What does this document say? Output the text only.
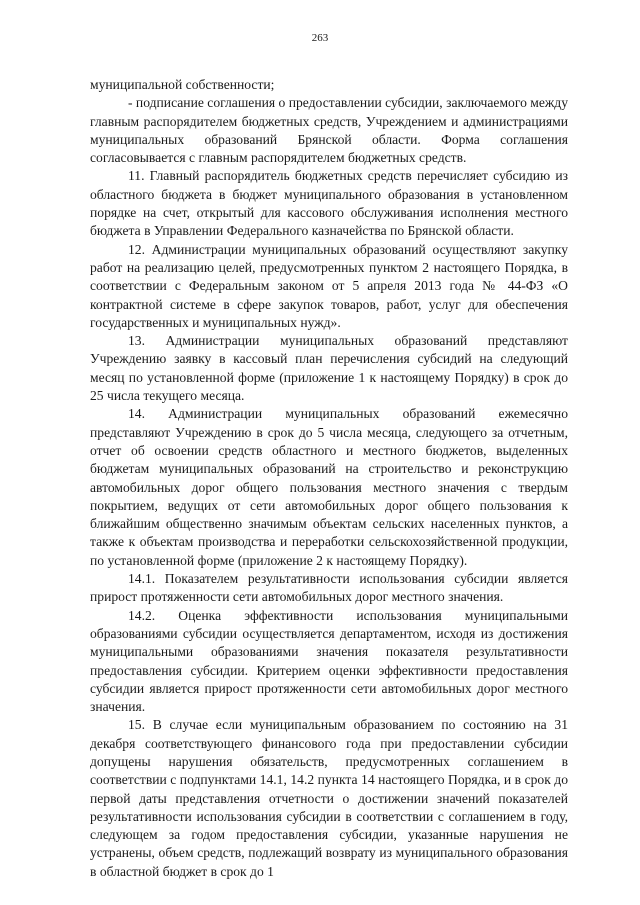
263

муниципальной собственности;

- подписание соглашения о предоставлении субсидии, заключаемого между главным распорядителем бюджетных средств, Учреждением и администрациями муниципальных образований Брянской области. Форма соглашения согласовывается с главным распорядителем бюджетных средств.

11. Главный распорядитель бюджетных средств перечисляет субсидию из областного бюджета в бюджет муниципального образования в установленном порядке на счет, открытый для кассового обслуживания исполнения местного бюджета в Управлении Федерального казначейства по Брянской области.

12. Администрации муниципальных образований осуществляют закупку работ на реализацию целей, предусмотренных пунктом 2 настоящего Порядка, в соответствии с Федеральным законом от 5 апреля 2013 года № 44-ФЗ «О контрактной системе в сфере закупок товаров, работ, услуг для обеспечения государственных и муниципальных нужд».

13. Администрации муниципальных образований представляют Учреждению заявку в кассовый план перечисления субсидий на следующий месяц по установленной форме (приложение 1 к настоящему Порядку) в срок до 25 числа текущего месяца.

14. Администрации муниципальных образований ежемесячно представляют Учреждению в срок до 5 числа месяца, следующего за отчетным, отчет об освоении средств областного и местного бюджетов, выделенных бюджетам муниципальных образований на строительство и реконструкцию автомобильных дорог общего пользования местного значения с твердым покрытием, ведущих от сети автомобильных дорог общего пользования к ближайшим общественно значимым объектам сельских населенных пунктов, а также к объектам производства и переработки сельскохозяйственной продукции, по установленной форме (приложение 2 к настоящему Порядку).

14.1. Показателем результативности использования субсидии является прирост протяженности сети автомобильных дорог местного значения.

14.2. Оценка эффективности использования муниципальными образованиями субсидии осуществляется департаментом, исходя из достижения муниципальными образованиями значения показателя результативности предоставления субсидии. Критерием оценки эффективности предоставления субсидии является прирост протяженности сети автомобильных дорог местного значения.

15. В случае если муниципальным образованием по состоянию на 31 декабря соответствующего финансового года при предоставлении субсидии допущены нарушения обязательств, предусмотренных соглашением в соответствии с подпунктами 14.1, 14.2 пункта 14 настоящего Порядка, и в срок до первой даты представления отчетности о достижении значений показателей результативности использования субсидии в соответствии с соглашением в году, следующем за годом предоставления субсидии, указанные нарушения не устранены, объем средств, подлежащий возврату из муниципального образования в областной бюджет в срок до 1
